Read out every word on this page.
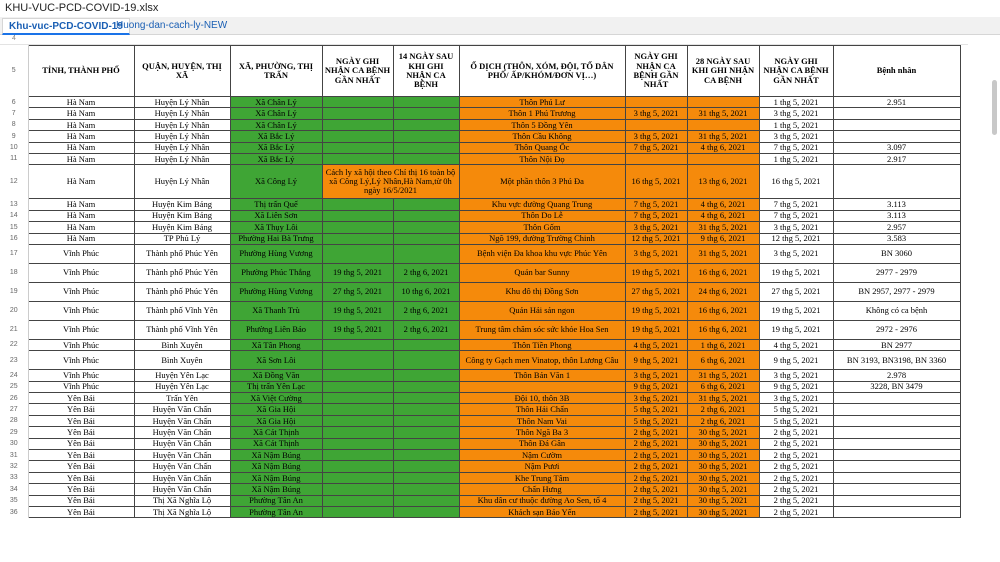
KHU-VUC-PCD-COVID-19.xlsx
Khu-vuc-PCD-COVID-19
Huong-dan-cach-ly-NEW
4
5	TỈNH, THÀNH PHỐ	QUẬN, HUYỆN, THỊ XÃ	XÃ, PHƯỜNG, THỊ TRẤN	NGÀY GHI NHẬN CA BỆNH GẦN NHẤT	14 NGÀY SAU KHI GHI NHẬN CA BỆNH	Ổ DỊCH (THÔN, XÓM, ĐỘI, TỔ DÂN PHỐ/ ẤP/KHÓM/ĐƠN VỊ…)	NGÀY GHI NHẬN CA BỆNH GẦN NHẤT	28 NGÀY SAU KHI GHI NHẬN CA BỆNH	NGÀY GHI NHẬN CA BỆNH GẦN NHẤT	Bệnh nhân
6	Hà Nam	Huyện Lý Nhân	Xã Chân Lý			Thôn Phú Lư			1 thg 5, 2021	2.951
7	Hà Nam	Huyện Lý Nhân	Xã Chân Lý			Thôn 1 Phú Trương	3 thg 5, 2021	31 thg 5, 2021	3 thg 5, 2021	
8	Hà Nam	Huyện Lý Nhân	Xã Chân Lý			Thôn 5 Đồng Yên			1 thg 5, 2021	
9	Hà Nam	Huyện Lý Nhân	Xã Bắc Lý			Thôn Cầu Không	3 thg 5, 2021	31 thg 5, 2021	3 thg 5, 2021	
10	Hà Nam	Huyện Lý Nhân	Xã Bắc Lý			Thôn Quang Ốc	7 thg 5, 2021	4 thg 6, 2021	7 thg 5, 2021	3.097
11	Hà Nam	Huyện Lý Nhân	Xã Bắc Lý			Thôn Nội Đọ			1 thg 5, 2021	2.917
12	Hà Nam	Huyện Lý Nhân	Xã Công Lý	Cách ly xã hội theo Chỉ thị 16 toàn bộ xã Công Lý,Lý Nhân,Hà Nam,từ 0h ngày 16/5/2021		Một phần thôn 3 Phú Đa	16 thg 5, 2021	13 thg 6, 2021	16 thg 5, 2021	
13	Hà Nam	Huyện Kim Bảng	Thị trấn Quế			Khu vực đường Quang Trung	7 thg 5, 2021	4 thg 6, 2021	7 thg 5, 2021	3.113
14	Hà Nam	Huyện Kim Bảng	Xã Liên Sơn			Thôn Do Lễ	7 thg 5, 2021	4 thg 6, 2021	7 thg 5, 2021	3.113
15	Hà Nam	Huyện Kim Bảng	Xã Thụy Lôi			Thôn Gốm	3 thg 5, 2021	31 thg 5, 2021	3 thg 5, 2021	2.957
16	Hà Nam	TP Phủ Lý	Phường Hai Bà Trưng			Ngõ 199, đường Trường Chinh	12 thg 5, 2021	9 thg 6, 2021	12 thg 5, 2021	3.583
17	Vĩnh Phúc	Thành phố Phúc Yên	Phường Hùng Vương			Bệnh viện Đa khoa khu vực Phúc Yên	3 thg 5, 2021	31 thg 5, 2021	3 thg 5, 2021	BN 3060
18	Vĩnh Phúc	Thành phố Phúc Yên	Phường Phúc Thắng	19 thg 5, 2021	2 thg 6, 2021	Quán bar Sunny	19 thg 5, 2021	16 thg 6, 2021	19 thg 5, 2021	2977 - 2979
19	Vĩnh Phúc	Thành phố Phúc Yên	Phường Hùng Vương	27 thg 5, 2021	10 thg 6, 2021	Khu đô thị Đồng Sơn	27 thg 5, 2021	24 thg 6, 2021	27 thg 5, 2021	BN 2957, 2977 - 2979
20	Vĩnh Phúc	Thành phố Vĩnh Yên	Xã Thanh Trù	19 thg 5, 2021	2 thg 6, 2021	Quán Hải sản ngon	19 thg 5, 2021	16 thg 6, 2021	19 thg 5, 2021	Không có ca bệnh
21	Vĩnh Phúc	Thành phố Vĩnh Yên	Phường Liên Bảo	19 thg 5, 2021	2 thg 6, 2021	Trung tâm chăm sóc sức khỏe Hoa Sen	19 thg 5, 2021	16 thg 6, 2021	19 thg 5, 2021	2972 - 2976
22	Vĩnh Phúc	Bình Xuyên	Xã Tân Phong			Thôn Tiền Phong	4 thg 5, 2021	1 thg 6, 2021	4 thg 5, 2021	BN 2977
23	Vĩnh Phúc	Bình Xuyên	Xã Sơn Lôi			Công ty Gạch men Vinatop, thôn Lương Câu	9 thg 5, 2021	6 thg 6, 2021	9 thg 5, 2021	BN 3193, BN3198, BN 3360
24	Vĩnh Phúc	Huyện Yên Lạc	Xã Đồng Văn			Thôn Bản Văn 1	3 thg 5, 2021	31 thg 5, 2021	3 thg 5, 2021	2.978
25	Vĩnh Phúc	Huyện Yên Lạc	Thị trấn Yên Lạc				9 thg 5, 2021	6 thg 6, 2021	9 thg 5, 2021	3228, BN 3479
26	Yên Bái	Trấn Yên	Xã Việt Cường			Đội 10, thôn 3B	3 thg 5, 2021	31 thg 5, 2021	3 thg 5, 2021	
27	Yên Bái	Huyện Văn Chấn	Xã Gia Hội			Thôn Hải Chấn	5 thg 5, 2021	2 thg 6, 2021	5 thg 5, 2021	
28	Yên Bái	Huyện Văn Chấn	Xã Gia Hội			Thôn Nam Vai	5 thg 5, 2021	2 thg 6, 2021	5 thg 5, 2021	
29	Yên Bái	Huyện Văn Chấn	Xã Cát Thịnh			Thôn Ngã Ba 3	2 thg 5, 2021	30 thg 5, 2021	2 thg 5, 2021	
30	Yên Bái	Huyện Văn Chấn	Xã Cát Thịnh			Thôn Đá Gân	2 thg 5, 2021	30 thg 5, 2021	2 thg 5, 2021	
31	Yên Bái	Huyện Văn Chấn	Xã Nậm Búng			Nậm Cườm	2 thg 5, 2021	30 thg 5, 2021	2 thg 5, 2021	
32	Yên Bái	Huyện Văn Chấn	Xã Nậm Búng			Nậm Pươi	2 thg 5, 2021	30 thg 5, 2021	2 thg 5, 2021	
33	Yên Bái	Huyện Văn Chấn	Xã Nậm Búng			Khe Trung Tâm	2 thg 5, 2021	30 thg 5, 2021	2 thg 5, 2021	
34	Yên Bái	Huyện Văn Chấn	Xã Nậm Búng			Chấn Hưng	2 thg 5, 2021	30 thg 5, 2021	2 thg 5, 2021	
35	Yên Bái	Thị Xã Nghĩa Lộ	Phường Tân An			Khu dân cư thuộc đường Ao Sen, tổ 4	2 thg 5, 2021	30 thg 5, 2021	2 thg 5, 2021	
36	Yên Bái	Thị Xã Nghĩa Lộ	Phường Tân An			Khách sạn Bảo Yến	2 thg 5, 2021	30 thg 5, 2021	2 thg 5, 2021	
